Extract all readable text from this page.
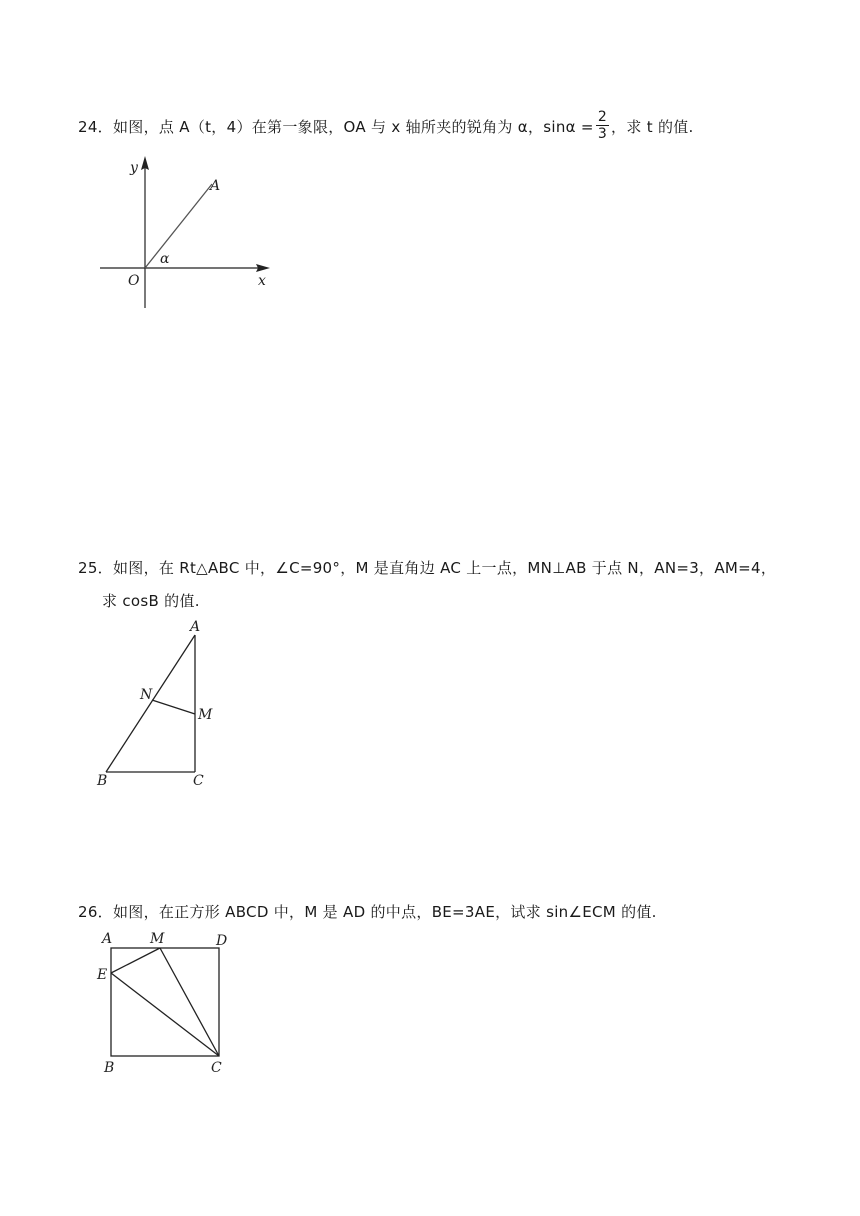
24．如图，点 A（t，4）在第一象限，OA 与 x 轴所夹的锐角为 α，$\sin\alpha = \frac{2}{3}$ ，求 t 的值.
y
A
α
O	x
25．如图，在 Rt△ABC 中，∠C=90°，M 是直角边 AC 上一点，MN⊥AB 于点 N，AN=3，AM=4，
求 cosB 的值.
A
N
M
B	C
26．如图，在正方形 ABCD 中，M 是 AD 的中点，BE=3AE，试求 sin∠ECM 的值.
A	M	D
E
B	C
